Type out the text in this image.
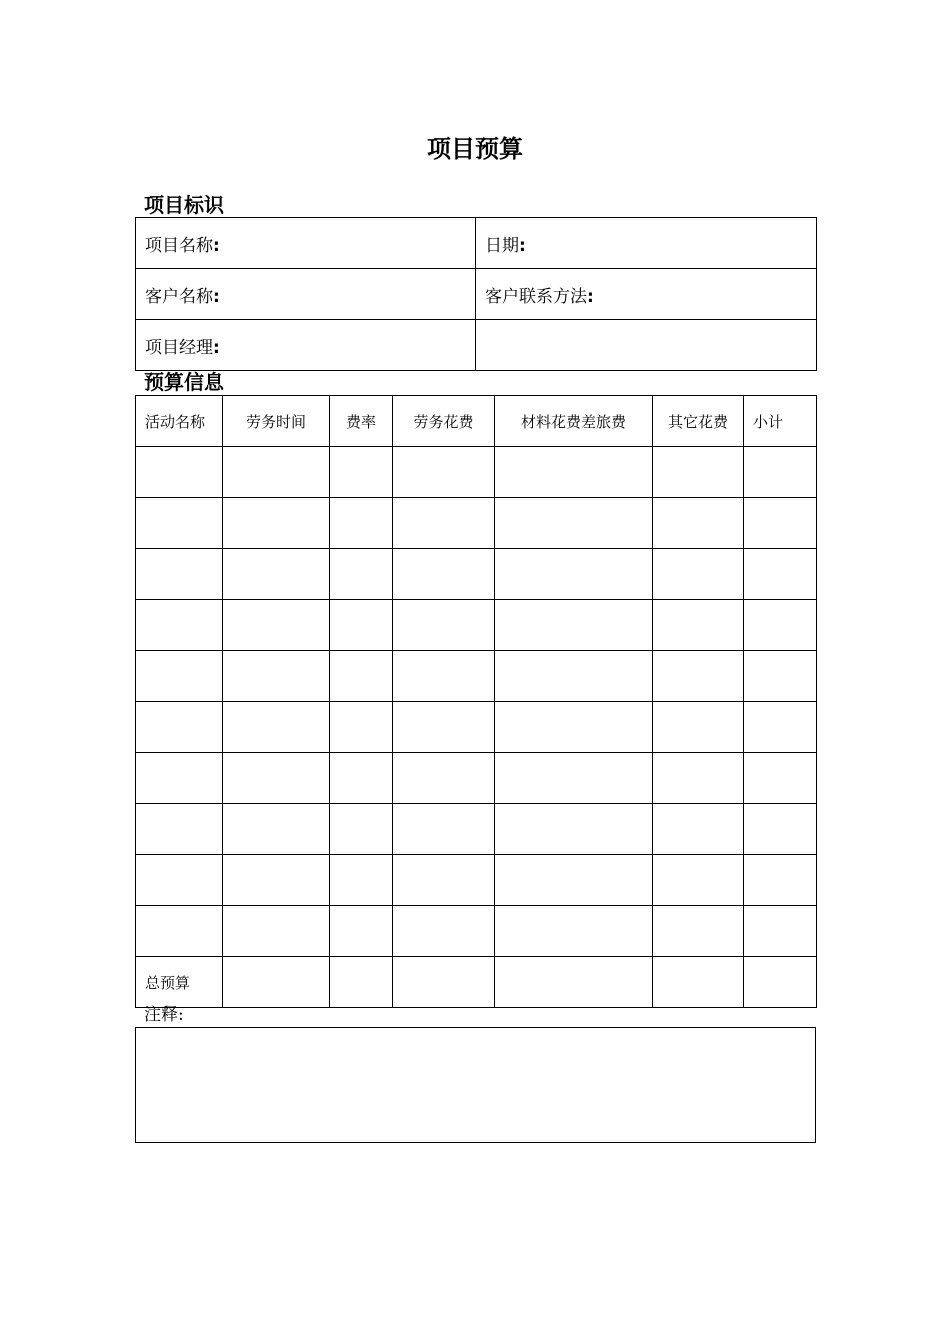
项目预算
项目标识
项目名称:	日期:
客户名称:	客户联系方法:
项目经理:	
预算信息
活动名称	劳务时间	费率	劳务花费	材料花费差旅费	其它花费	小计

总预算						
注释:
